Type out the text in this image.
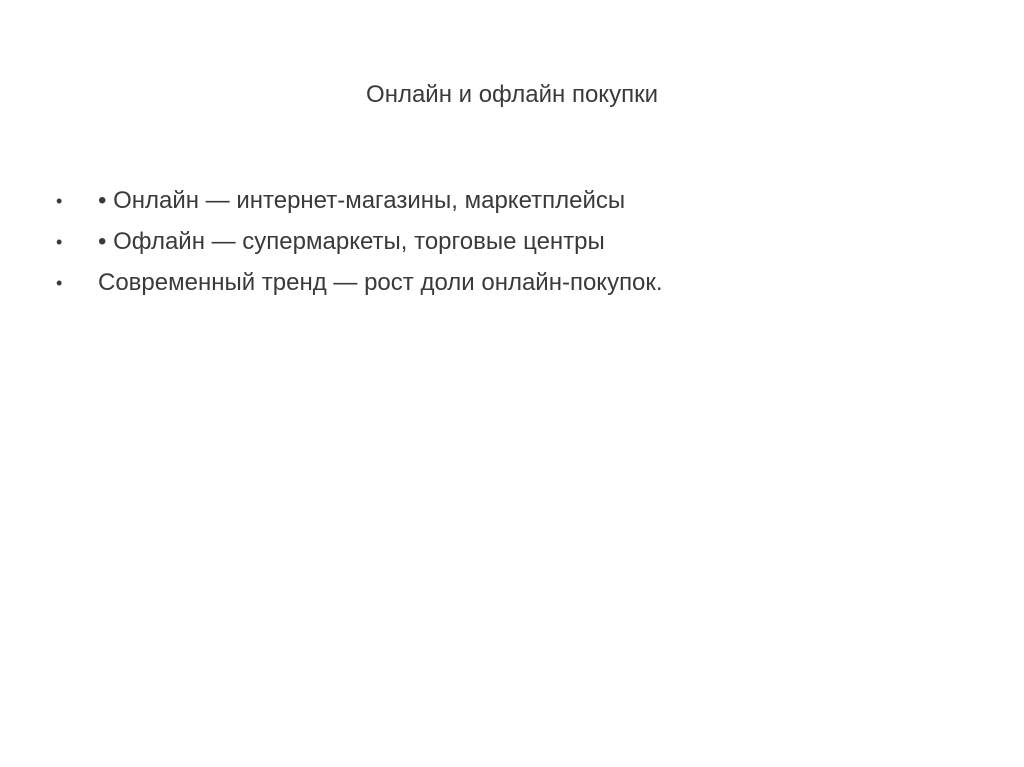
Онлайн и офлайн покупки
•	• Онлайн — интернет-магазины, маркетплейсы
•	• Офлайн — супермаркеты, торговые центры
•	Современный тренд — рост доли онлайн-покупок.
